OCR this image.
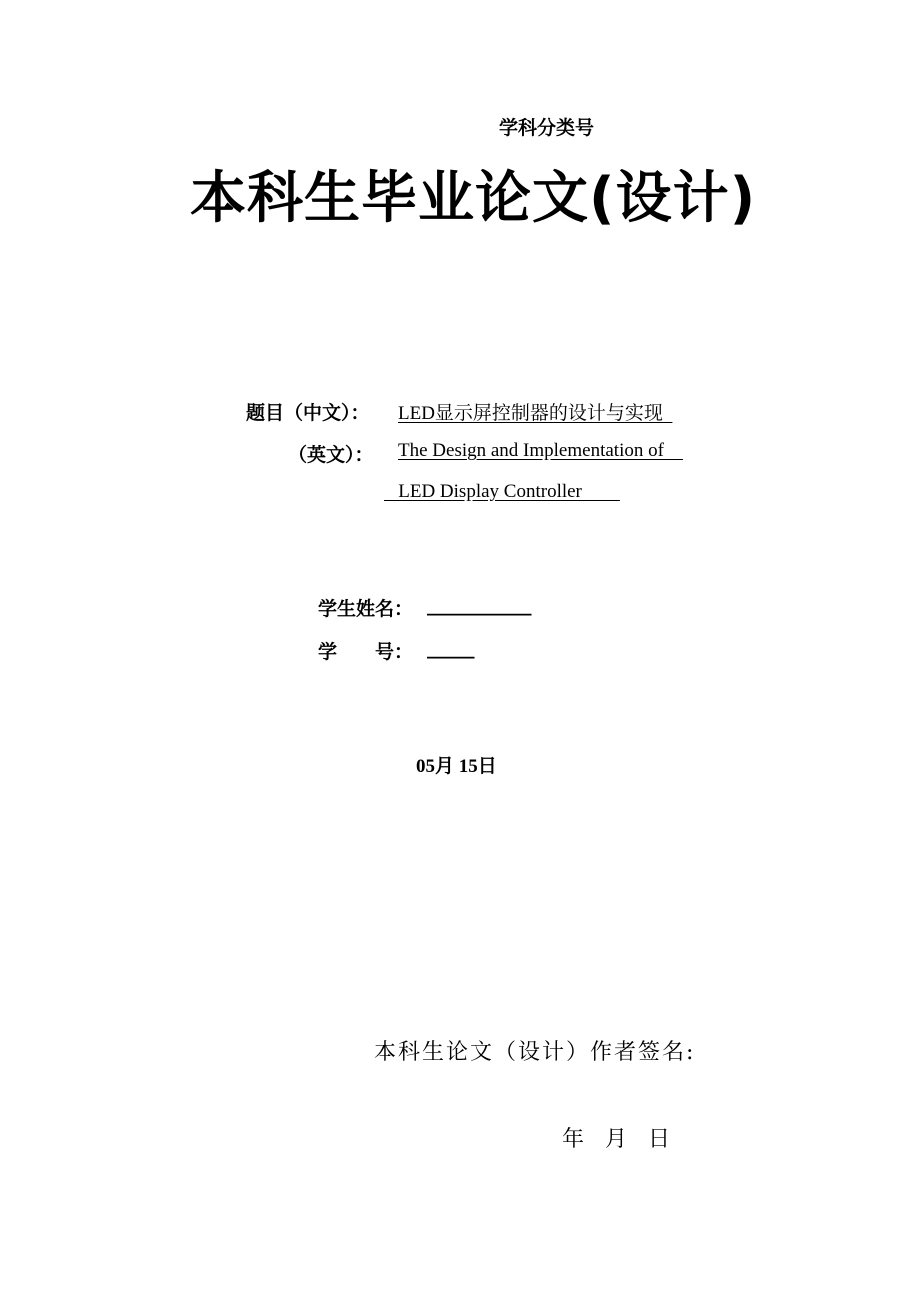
学科分类号
本科生毕业论文(设计)
题目（中文）： LED显示屏控制器的设计与实现
（英文）： The Design and Implementation of
LED Display Controller
学生姓名： ___________
学　　号： _____
05月 15日
本科生论文（设计）作者签名:
年   月   日
